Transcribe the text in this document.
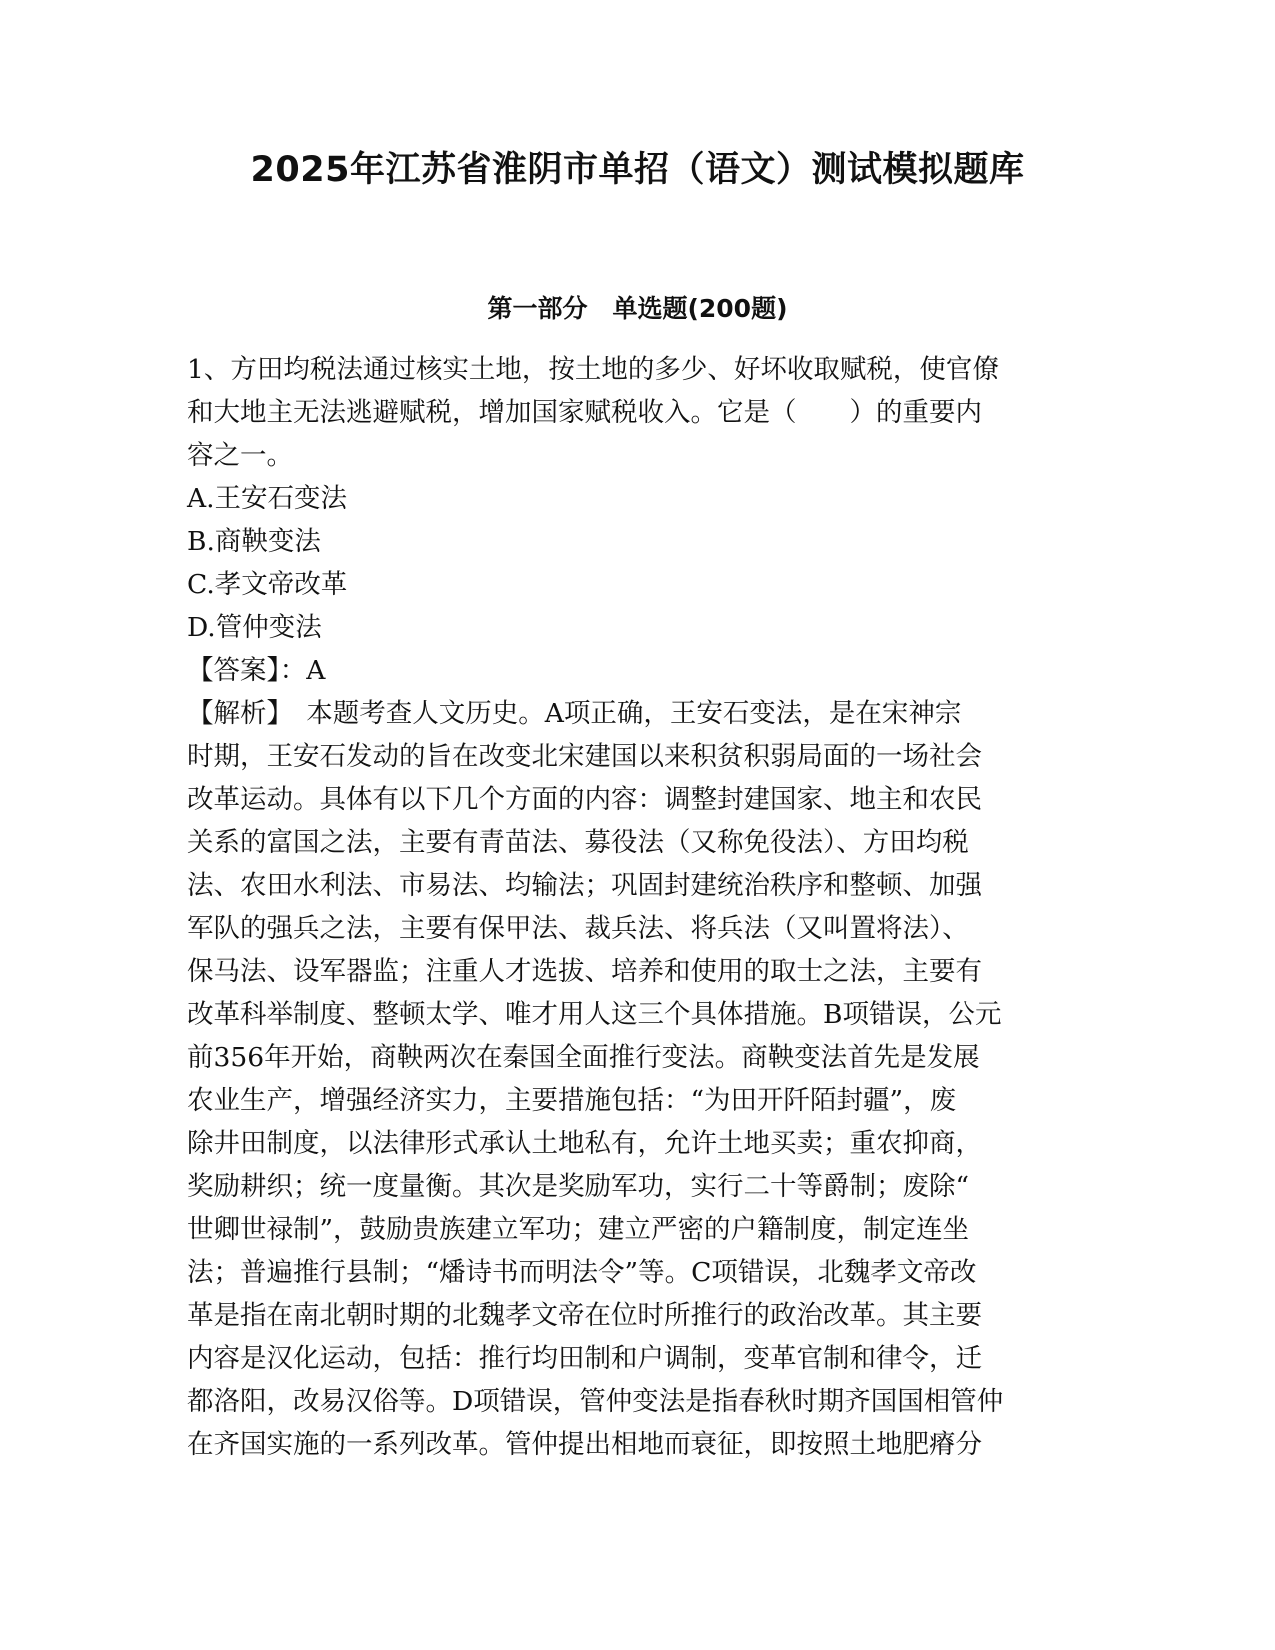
2025年江苏省淮阴市单招（语文）测试模拟题库
第一部分　单选题(200题)
1、方田均税法通过核实土地，按土地的多少、好坏收取赋税，使官僚
和大地主无法逃避赋税，增加国家赋税收入。它是（　　）的重要内
容之一。
A.王安石变法
B.商鞅变法
C.孝文帝改革
D.管仲变法
【答案】：A
【解析】　本题考查人文历史。A项正确，王安石变法，是在宋神宗
时期，王安石发动的旨在改变北宋建国以来积贫积弱局面的一场社会
改革运动。具体有以下几个方面的内容：调整封建国家、地主和农民
关系的富国之法，主要有青苗法、募役法（又称免役法）、方田均税
法、农田水利法、市易法、均输法；巩固封建统治秩序和整顿、加强
军队的强兵之法，主要有保甲法、裁兵法、将兵法（又叫置将法）、
保马法、设军器监；注重人才选拔、培养和使用的取士之法，主要有
改革科举制度、整顿太学、唯才用人这三个具体措施。B项错误，公元
前356年开始，商鞅两次在秦国全面推行变法。商鞅变法首先是发展
农业生产，增强经济实力，主要措施包括：“为田开阡陌封疆”，废
除井田制度，以法律形式承认土地私有，允许土地买卖；重农抑商，
奖励耕织；统一度量衡。其次是奖励军功，实行二十等爵制；废除“
世卿世禄制”，鼓励贵族建立军功；建立严密的户籍制度，制定连坐
法；普遍推行县制；“燔诗书而明法令”等。C项错误，北魏孝文帝改
革是指在南北朝时期的北魏孝文帝在位时所推行的政治改革。其主要
内容是汉化运动，包括：推行均田制和户调制，变革官制和律令，迁
都洛阳，改易汉俗等。D项错误，管仲变法是指春秋时期齐国国相管仲
在齐国实施的一系列改革。管仲提出相地而衰征，即按照土地肥瘠分
